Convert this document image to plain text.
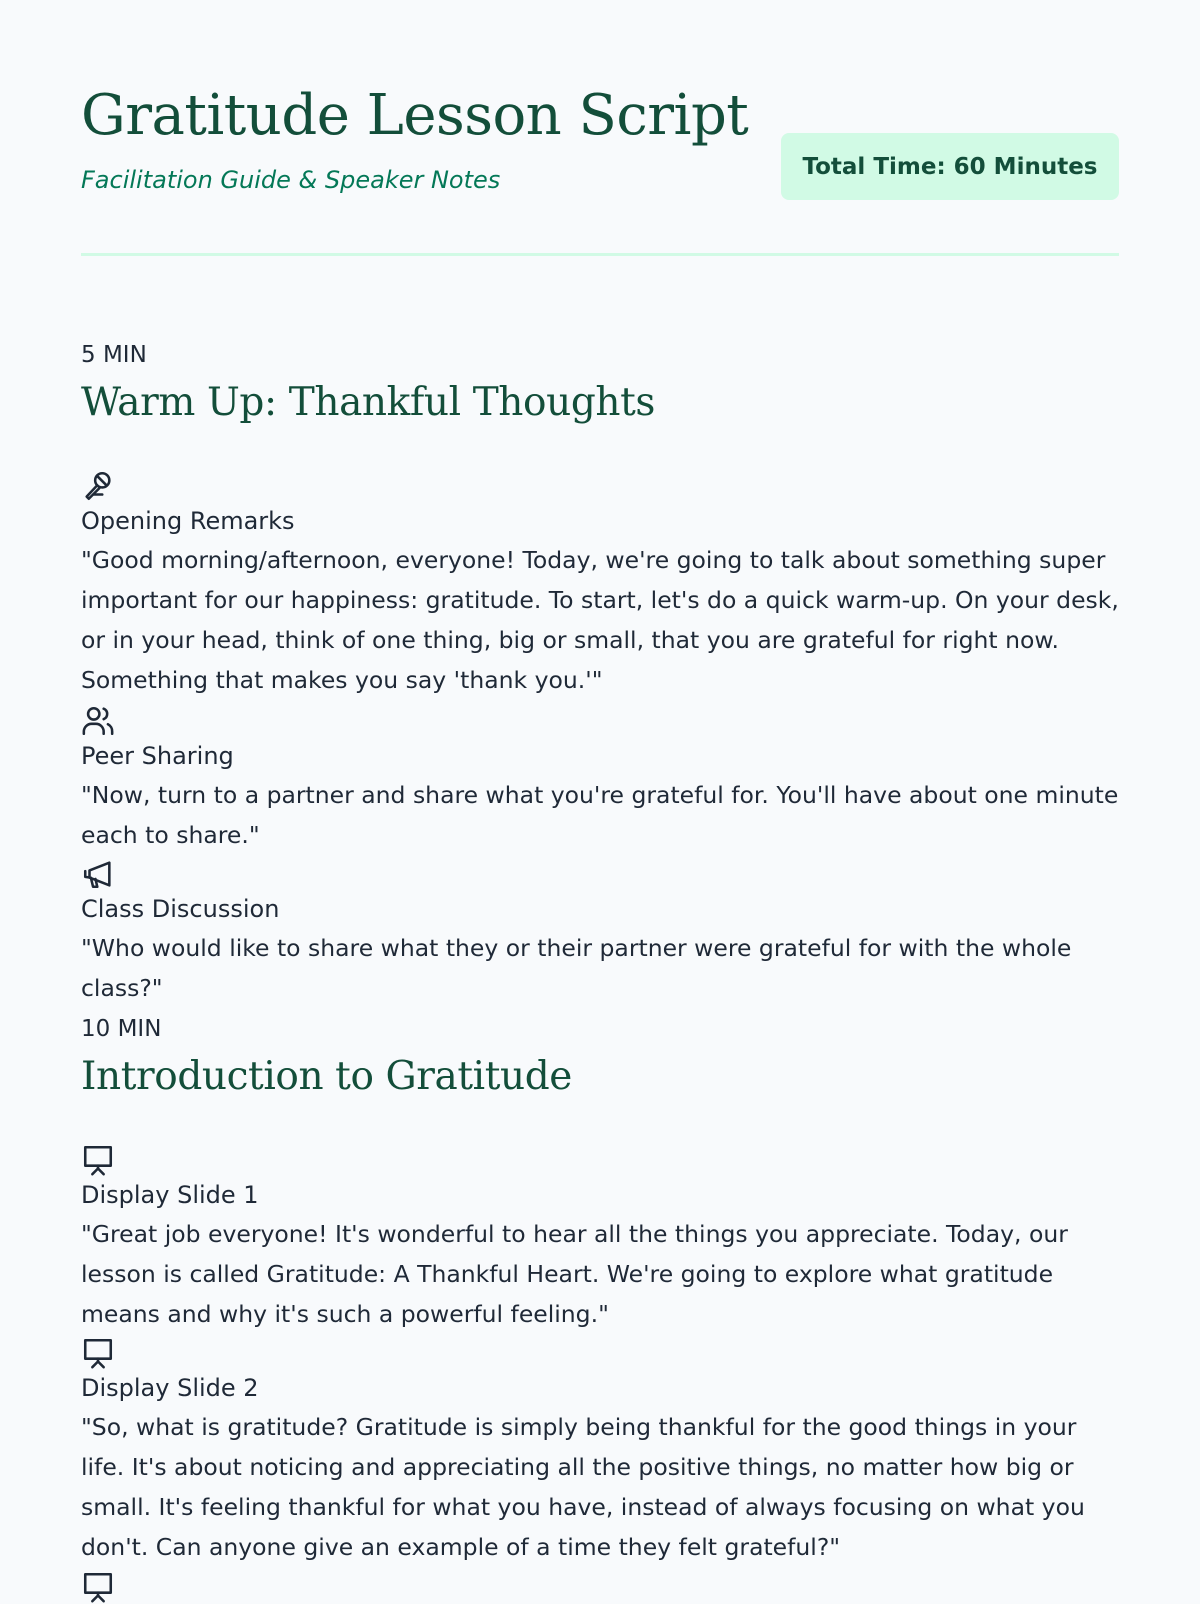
Gratitude Lesson Script

Facilitation Guide & Speaker Notes	Total Time: 60 Minutes
5 MIN
Warm Up: Thankful Thoughts
Opening Remarks

"Good morning/afternoon, everyone! Today, we're going to talk about something super important for our happiness: gratitude. To start, let's do a quick warm-up. On your desk, or in your head, think of one thing, big or small, that you are grateful for right now. Something that makes you say 'thank you.'"

Peer Sharing

"Now, turn to a partner and share what you're grateful for. You'll have about one minute each to share."

Class Discussion

"Who would like to share what they or their partner were grateful for with the whole class?"

10 MIN
Introduction to Gratitude
Display Slide 1

"Great job everyone! It's wonderful to hear all the things you appreciate. Today, our lesson is called Gratitude: A Thankful Heart. We're going to explore what gratitude means and why it's such a powerful feeling."

Display Slide 2

"So, what is gratitude? Gratitude is simply being thankful for the good things in your life. It's about noticing and appreciating all the positive things, no matter how big or small. It's feeling thankful for what you have, instead of always focusing on what you don't. Can anyone give an example of a time they felt grateful?"
